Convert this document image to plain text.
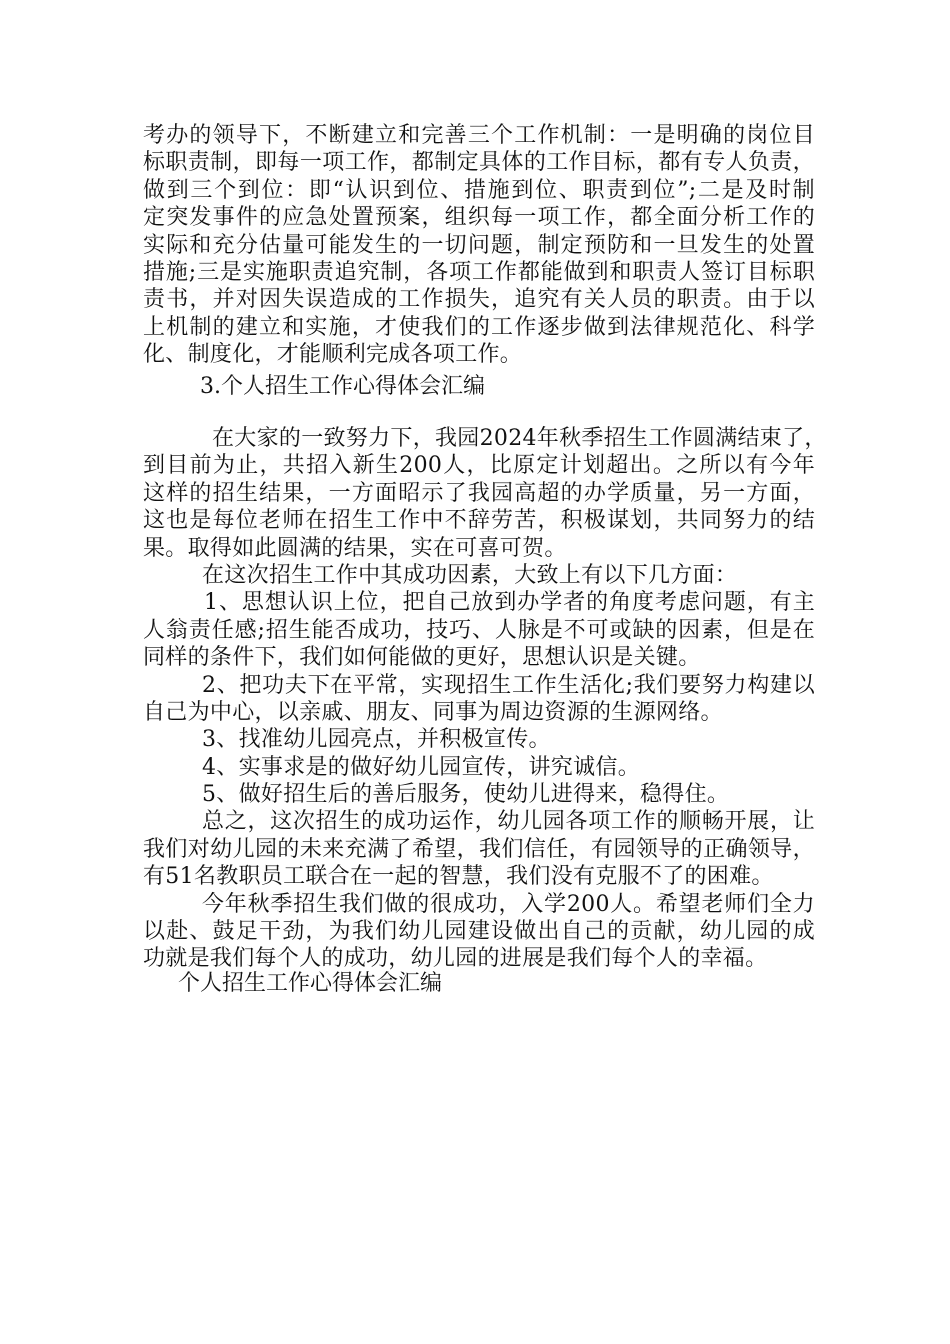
考办的领导下，不断建立和完善三个工作机制：一是明确的岗位目
标职责制，即每一项工作，都制定具体的工作目标，都有专人负责，
做到三个到位：即“认识到位、措施到位、职责到位”;二是及时制
定突发事件的应急处置预案，组织每一项工作，都全面分析工作的
实际和充分估量可能发生的一切问题，制定预防和一旦发生的处置
措施;三是实施职责追究制，各项工作都能做到和职责人签订目标职
责书，并对因失误造成的工作损失，追究有关人员的职责。由于以
上机制的建立和实施，才使我们的工作逐步做到法律规范化、科学
化、制度化，才能顺利完成各项工作。
3.个人招生工作心得体会汇编
在大家的一致努力下，我园2024年秋季招生工作圆满结束了，
到目前为止，共招入新生200人，比原定计划超出。之所以有今年
这样的招生结果，一方面昭示了我园高超的办学质量，另一方面，
这也是每位老师在招生工作中不辞劳苦，积极谋划，共同努力的结
果。取得如此圆满的结果，实在可喜可贺。
在这次招生工作中其成功因素，大致上有以下几方面：
1、思想认识上位，把自己放到办学者的角度考虑问题，有主
人翁责任感;招生能否成功，技巧、人脉是不可或缺的因素，但是在
同样的条件下，我们如何能做的更好，思想认识是关键。
2、把功夫下在平常，实现招生工作生活化;我们要努力构建以
自己为中心，以亲戚、朋友、同事为周边资源的生源网络。
3、找准幼儿园亮点，并积极宣传。
4、实事求是的做好幼儿园宣传，讲究诚信。
5、做好招生后的善后服务，使幼儿进得来，稳得住。
总之，这次招生的成功运作，幼儿园各项工作的顺畅开展，让
我们对幼儿园的未来充满了希望，我们信任，有园领导的正确领导，
有51名教职员工联合在一起的智慧，我们没有克服不了的困难。
今年秋季招生我们做的很成功，入学200人。希望老师们全力
以赴、鼓足干劲，为我们幼儿园建设做出自己的贡献，幼儿园的成
功就是我们每个人的成功，幼儿园的进展是我们每个人的幸福。
个人招生工作心得体会汇编
